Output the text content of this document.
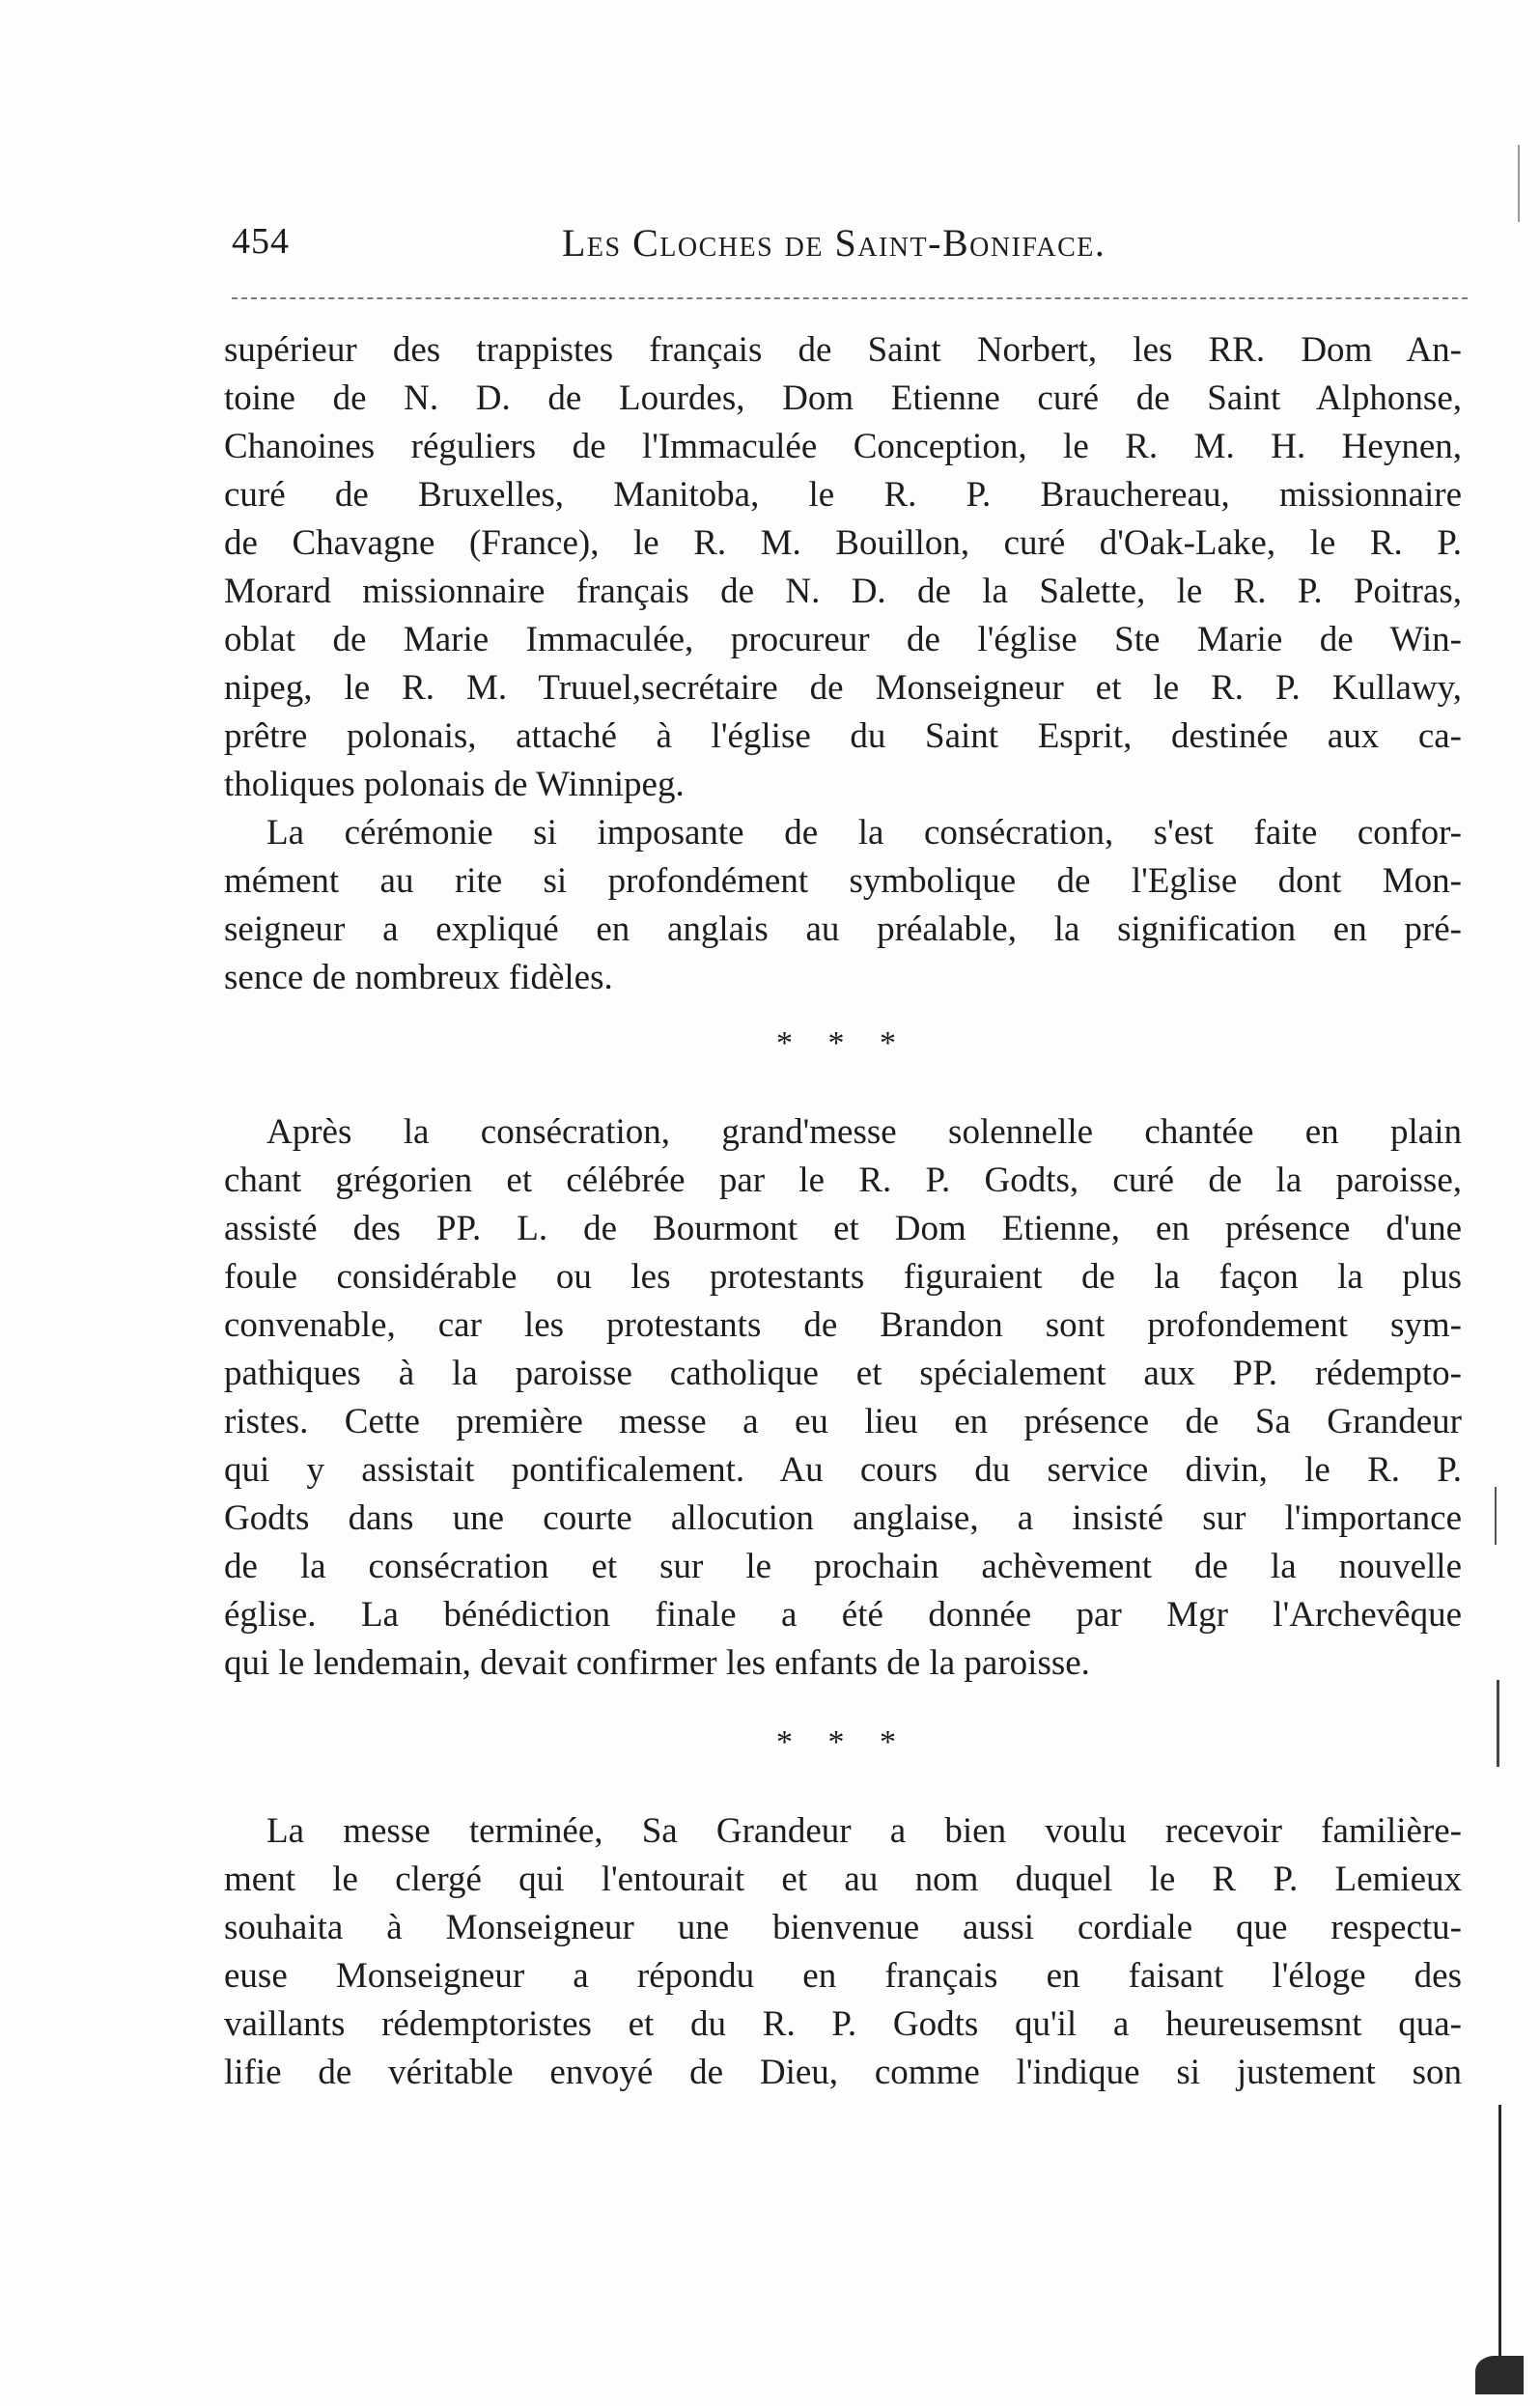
454	Les Cloches de Saint-Boniface.
supérieur des trappistes français de Saint Norbert, les RR. Dom An-
toine de N. D. de Lourdes, Dom Etienne curé de Saint Alphonse,
Chanoines réguliers de l'Immaculée Conception, le R. M. H. Heynen,
curé de Bruxelles, Manitoba, le R. P. Brauchereau, missionnaire
de Chavagne (France), le R. M. Bouillon, curé d'Oak-Lake, le R. P.
Morard missionnaire français de N. D. de la Salette, le R. P. Poitras,
oblat de Marie Immaculée, procureur de l'église Ste Marie de Win-
nipeg, le R. M. Truuel,secrétaire de Monseigneur et le R. P. Kullawy,
prêtre polonais, attaché à l'église du Saint Esprit, destinée aux ca-
tholiques polonais de Winnipeg.
La cérémonie si imposante de la consécration, s'est faite confor-
mément au rite si profondément symbolique de l'Eglise dont Mon-
seigneur a expliqué en anglais au préalable, la signification en pré-
sence de nombreux fidèles.
* * *
Après la consécration, grand'messe solennelle chantée en plain
chant grégorien et célébrée par le R. P. Godts, curé de la paroisse,
assisté des PP. L. de Bourmont et Dom Etienne, en présence d'une
foule considérable ou les protestants figuraient de la façon la plus
convenable, car les protestants de Brandon sont profondement sym-
pathiques à la paroisse catholique et spécialement aux PP. rédempto-
ristes. Cette première messe a eu lieu en présence de Sa Grandeur
qui y assistait pontificalement. Au cours du service divin, le R. P.
Godts dans une courte allocution anglaise, a insisté sur l'importance
de la consécration et sur le prochain achèvement de la nouvelle
église. La bénédiction finale a été donnée par Mgr l'Archevêque
qui le lendemain, devait confirmer les enfants de la paroisse.
* * *
La messe terminée, Sa Grandeur a bien voulu recevoir familière-
ment le clergé qui l'entourait et au nom duquel le R P. Lemieux
souhaita à Monseigneur une bienvenue aussi cordiale que respectu-
euse Monseigneur a répondu en français en faisant l'éloge des
vaillants rédemptoristes et du R. P. Godts qu'il a heureusemsnt qua-
lifie de véritable envoyé de Dieu, comme l'indique si justement son
